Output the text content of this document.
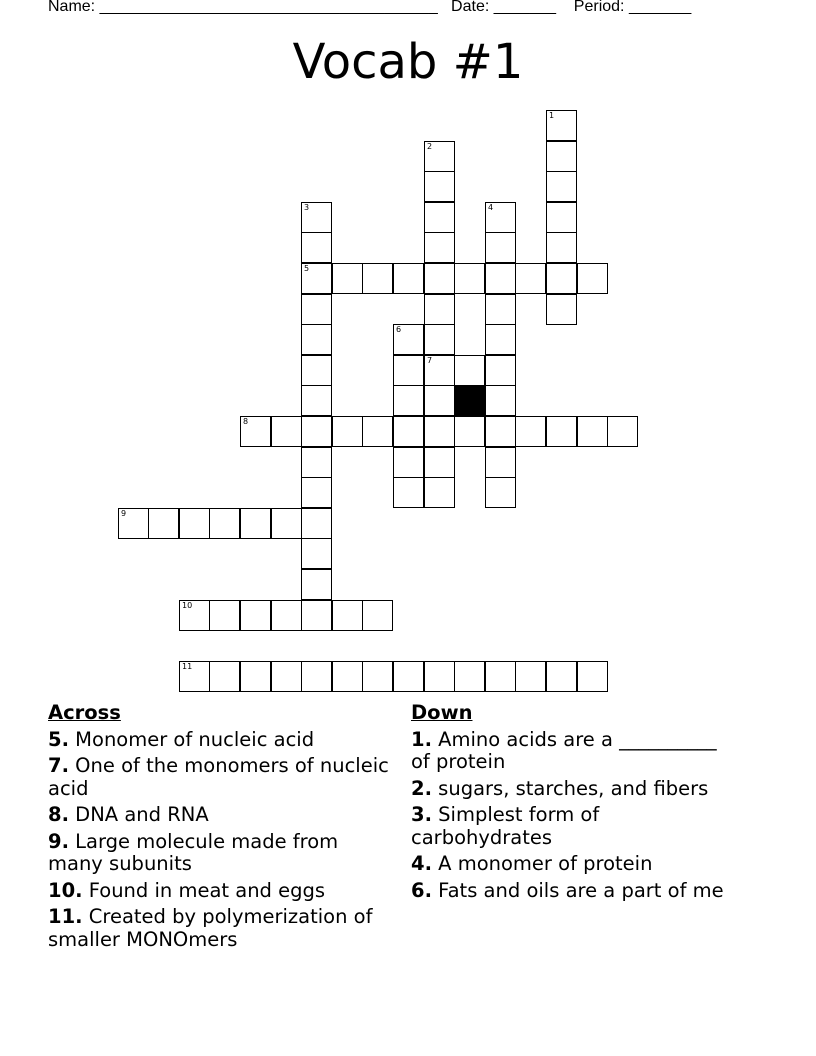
Name: ______________________________________   Date: _______    Period: _______
Vocab #1
1
2
7
3
5
4
6
8
9
10
11
Across
5. Monomer of nucleic acid
7. One of the monomers of nucleic acid
8. DNA and RNA
9. Large molecule made from many subunits
10. Found in meat and eggs
11. Created by polymerization of smaller MONOmers
Down
1. Amino acids are a __________ of protein
2. sugars, starches, and fibers
3. Simplest form of carbohydrates
4. A monomer of protein
6. Fats and oils are a part of me
